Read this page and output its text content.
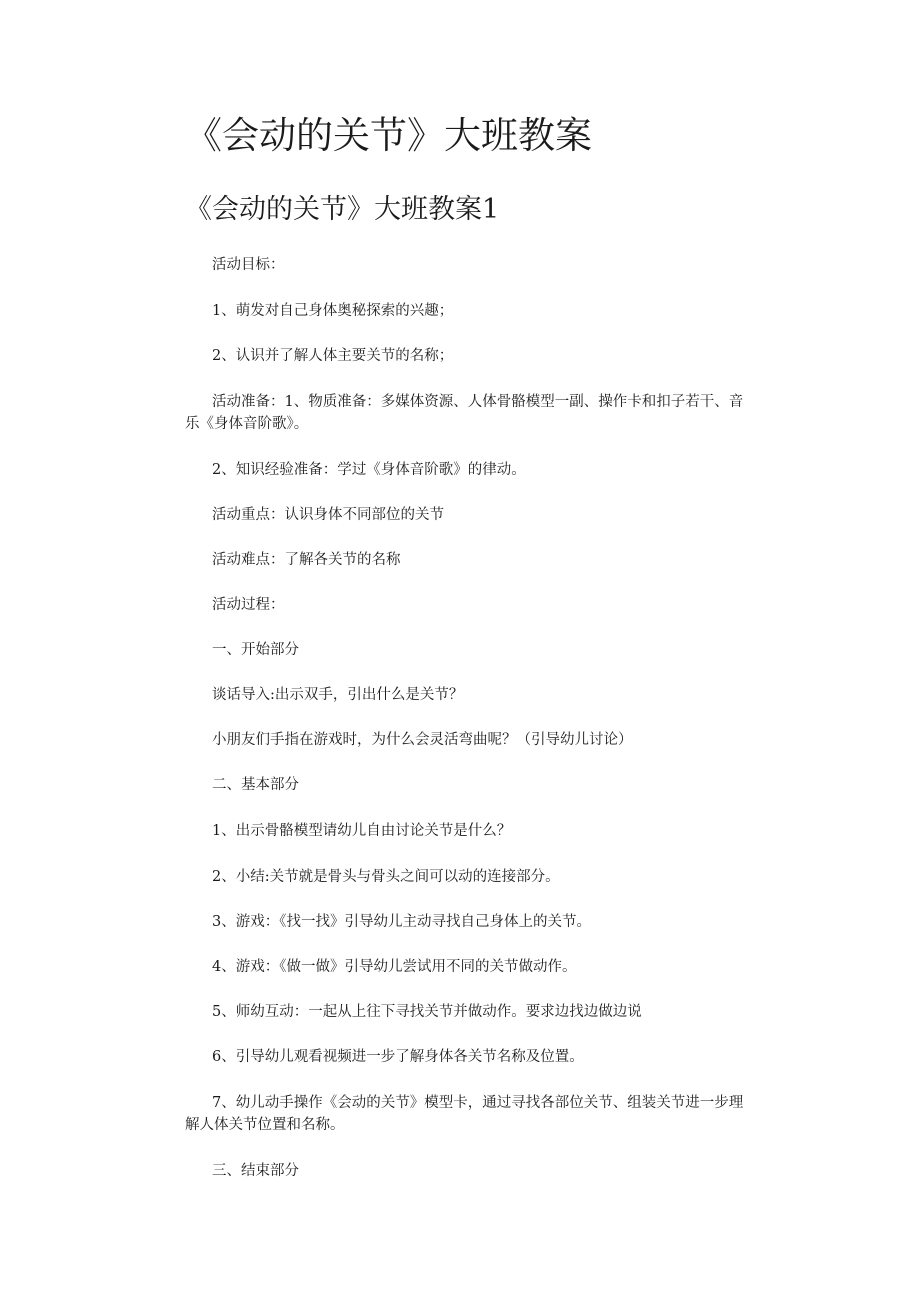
《会动的关节》大班教案
《会动的关节》大班教案1
活动目标：
1、萌发对自己身体奥秘探索的兴趣；
2、认识并了解人体主要关节的名称；
活动准备：1、物质准备：多媒体资源、人体骨骼模型一副、操作卡和扣子若干、音乐《身体音阶歌》。
2、知识经验准备：学过《身体音阶歌》的律动。
活动重点：认识身体不同部位的关节
活动难点：了解各关节的名称
活动过程：
一、开始部分
谈话导入:出示双手，引出什么是关节？
小朋友们手指在游戏时，为什么会灵活弯曲呢？（引导幼儿讨论）
二、基本部分
1、出示骨骼模型请幼儿自由讨论关节是什么？
2、小结:关节就是骨头与骨头之间可以动的连接部分。
3、游戏：《找一找》引导幼儿主动寻找自己身体上的关节。
4、游戏：《做一做》引导幼儿尝试用不同的关节做动作。
5、师幼互动：一起从上往下寻找关节并做动作。要求边找边做边说
6、引导幼儿观看视频进一步了解身体各关节名称及位置。
7、幼儿动手操作《会动的关节》模型卡，通过寻找各部位关节、组装关节进一步理解人体关节位置和名称。
三、结束部分
